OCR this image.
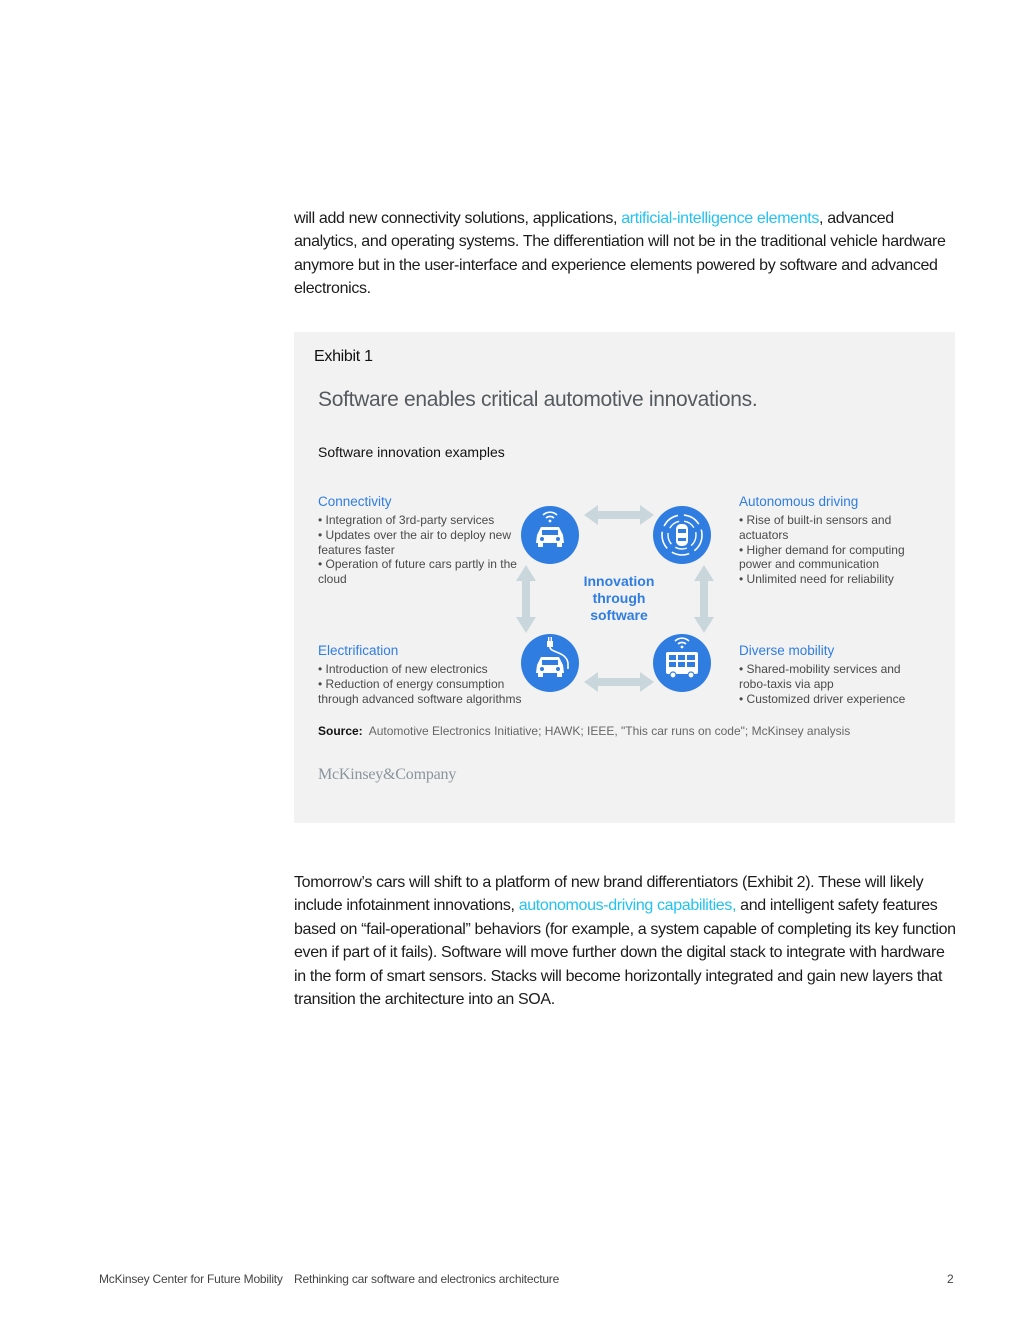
will add new connectivity solutions, applications, artificial-intelligence elements, advanced analytics, and operating systems. The differentiation will not be in the traditional vehicle hardware anymore but in the user-interface and experience elements powered by software and advanced electronics.

Exhibit 1
Software enables critical automotive innovations.
Software innovation examples
Connectivity
• Integration of 3rd-party services
• Updates over the air to deploy new features faster
• Operation of future cars partly in the cloud
Autonomous driving
• Rise of built-in sensors and actuators
• Higher demand for computing power and communication
• Unlimited need for reliability
Electrification
• Introduction of new electronics
• Reduction of energy consumption through advanced software algorithms
Diverse mobility
• Shared-mobility services and robo-taxis via app
• Customized driver experience
Innovation through software
Source: Automotive Electronics Initiative; HAWK; IEEE, "This car runs on code"; McKinsey analysis
McKinsey&Company

Tomorrow’s cars will shift to a platform of new brand differentiators (Exhibit 2). These will likely include infotainment innovations, autonomous-driving capabilities, and intelligent safety features based on “fail-operational” behaviors (for example, a system capable of completing its key function even if part of it fails). Software will move further down the digital stack to integrate with hardware in the form of smart sensors. Stacks will become horizontally integrated and gain new layers that transition the architecture into an SOA.

McKinsey Center for Future Mobility Rethinking car software and electronics architecture	2
